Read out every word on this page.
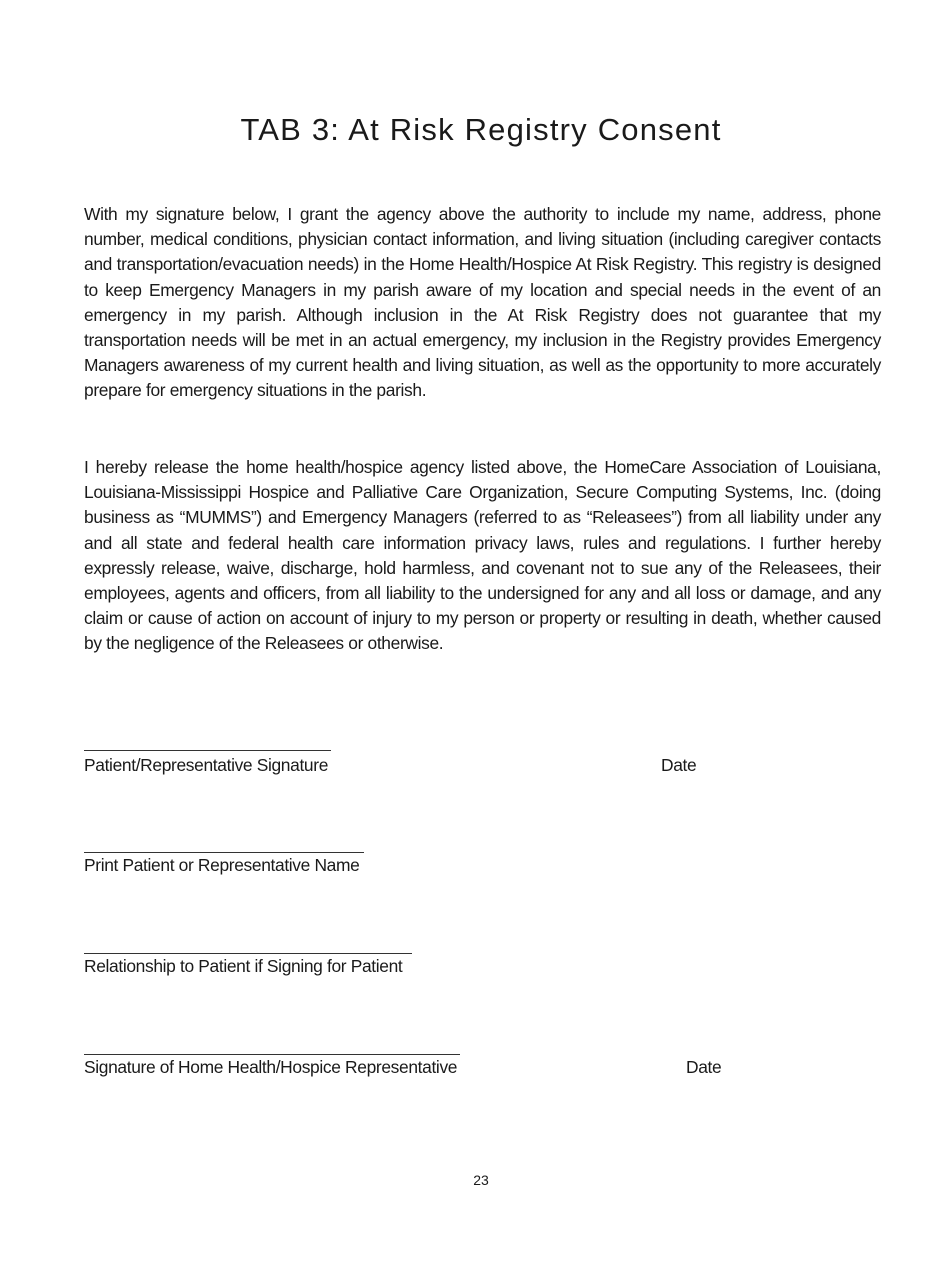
TAB 3: At Risk Registry Consent

With my signature below, I grant the agency above the authority to include my name, address, phone number, medical conditions, physician contact information, and living situation (including caregiver contacts and transportation/evacuation needs) in the Home Health/Hospice At Risk Registry. This registry is designed to keep Emergency Managers in my parish aware of my location and special needs in the event of an emergency in my parish. Although inclusion in the At Risk Registry does not guarantee that my transportation needs will be met in an actual emergency, my inclusion in the Registry provides Emergency Managers awareness of my current health and living situation, as well as the opportunity to more accurately prepare for emergency situations in the parish.

I hereby release the home health/hospice agency listed above, the HomeCare Association of Louisiana, Louisiana-Mississippi Hospice and Palliative Care Organization, Secure Computing Systems, Inc. (doing business as “MUMMS”) and Emergency Managers (referred to as “Releasees”) from all liability under any and all state and federal health care information privacy laws, rules and regulations. I further hereby expressly release, waive, discharge, hold harmless, and covenant not to sue any of the Releasees, their employees, agents and officers, from all liability to the undersigned for any and all loss or damage, and any claim or cause of action on account of injury to my person or property or resulting in death, whether caused by the negligence of the Releasees or otherwise.

Patient/Representative Signature	Date
Print Patient or Representative Name
Relationship to Patient if Signing for Patient
Signature of Home Health/Hospice Representative	Date
23
